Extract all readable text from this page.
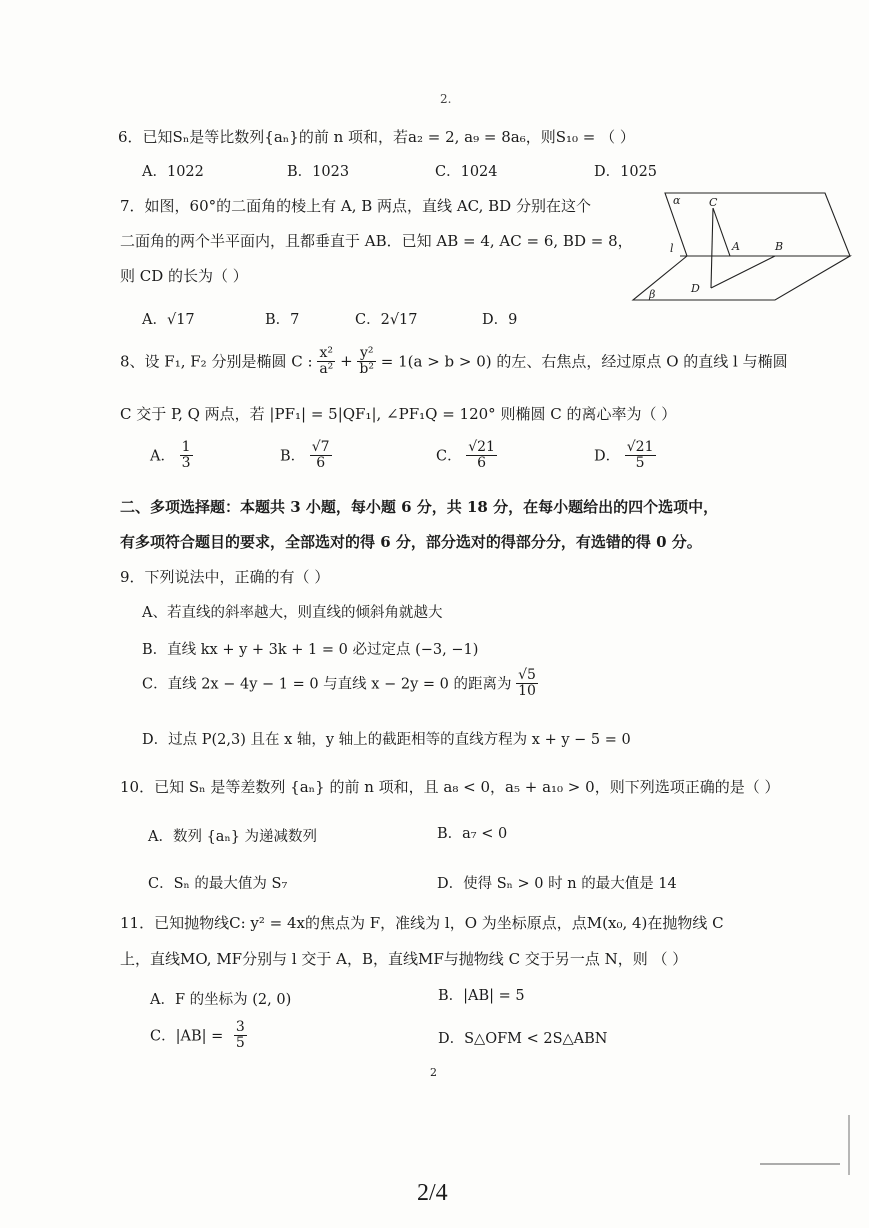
2.
6．已知Sₙ是等比数列{aₙ}的前 n 项和，若a₂ = 2, a₉ = 8a₆，则S₁₀ = （ ）
A．1022	B．1023	C．1024	D．1025
7．如图，60°的二面角的棱上有 A, B 两点，直线 AC, BD 分别在这个
二面角的两个半平面内，且都垂直于 AB．已知 AB = 4, AC = 6, BD = 8，
则 CD 的长为（ ）
A．√17	B．7	C．2√17	D．9
α	C
l	A	B
D
β
8、设 F₁, F₂ 分别是椭圆 C : $\frac{\text{x²}}{\text{a²}} + \frac{\text{y²}}{\text{b²}} = 1(a > b > 0)$ 的左、右焦点，经过原点 O 的直线 l 与椭圆
C 交于 P, Q 两点，若 |PF₁| = 5|QF₁|, ∠PF₁Q = 120° 则椭圆 C 的离心率为（ ）
A． $\frac{1}{3}$	B． $\frac{√7}{6}$	C． $\frac{√21}{6}$	D． $\frac{√21}{5}$
二、多项选择题：本题共 3 小题，每小题 6 分，共 18 分，在每小题给出的四个选项中，
有多项符合题目的要求，全部选对的得 6 分，部分选对的得部分分，有选错的得 0 分。
9．下列说法中，正确的有（ ）
A、若直线的斜率越大，则直线的倾斜角就越大
B．直线 kx + y + 3k + 1 = 0 必过定点 (−3, −1)
C．直线 2x − 4y − 1 = 0 与直线 x − 2y = 0 的距离为 $\frac{√5}{10}$
D．过点 P(2,3) 且在 x 轴，y 轴上的截距相等的直线方程为 x + y − 5 = 0
10．已知 Sₙ 是等差数列 {aₙ} 的前 n 项和，且 a₈ < 0，a₅ + a₁₀ > 0，则下列选项正确的是（ ）
A．数列 {aₙ} 为递减数列	B．a₇ < 0
C．Sₙ 的最大值为 S₇	D．使得 Sₙ > 0 时 n 的最大值是 14
11．已知抛物线C: y² = 4x的焦点为 F，准线为 l，O 为坐标原点，点M(x₀, 4)在抛物线 C
上，直线MO, MF分别与 l 交于 A，B，直线MF与抛物线 C 交于另一点 N，则 （ ）
A．F 的坐标为 (2, 0)	B．|AB| = 5
C．$|AB| = \frac{3}{5}$	D．S△OFM < 2S△ABN
2
2/4
